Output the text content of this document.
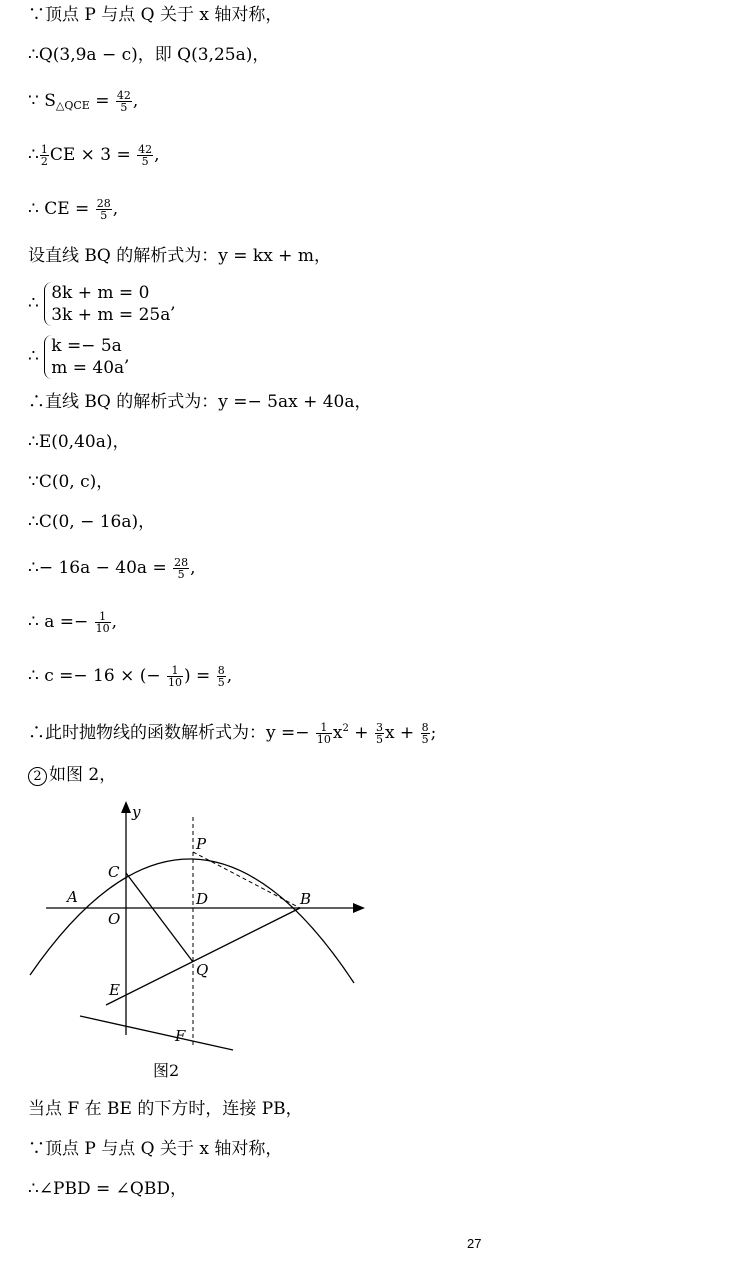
∵顶点 P 与点 Q 关于 x 轴对称，
∴Q(3,9a − c)，即 Q(3,25a)，
∵ $S_{\triangle QCE} = \frac{42}{5}$ ,
∴ $\frac{1}{2}$ CE × $3 = \frac{42}{5}$ ,
∴ CE = $\frac{28}{5}$ ,
设直线 BQ 的解析式为：y = kx + m，
∴
8k + m = 0
3k + m = 25a
,
∴
k =− 5a
m = 40a
,
∴直线 BQ 的解析式为：y =− 5ax + 40a，
∴E(0,40a)，
∵C(0, c)，
∴C(0, − 16a)，
∴− $16a - 40a = \frac{28}{5}$ ,
∴ $a =- \frac{1}{10}$ ,
∴ c =− 16 × (− $\frac{1}{10}$ ) = $\frac{8}{5}$ ,
∴此时抛物线的函数解析式为：$y =- \frac{1}{10} x^2 + \frac{3}{5}$ $x + \frac{8}{5}$ ;
2 如图 2，
y
C
P
A
O
D	B
Q
E
F
图2
当点 F 在 BE 的下方时，连接 PB，
∵顶点 P 与点 Q 关于 x 轴对称，
∴∠PBD = ∠QBD，
27
